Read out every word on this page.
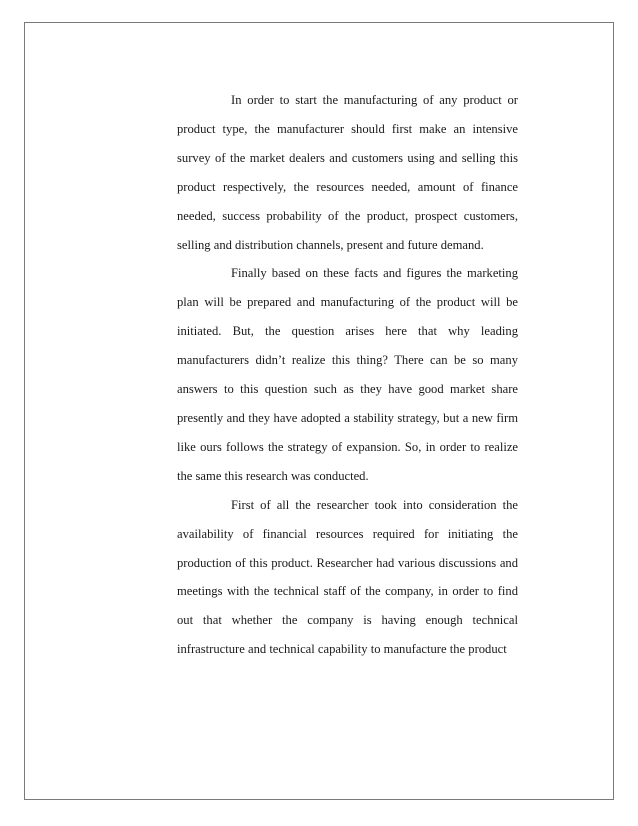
In order to start the manufacturing of any product or product type, the manufacturer should first make an intensive survey of the market dealers and customers using and selling this product respectively, the resources needed, amount of finance needed, success probability of the product, prospect customers, selling and distribution channels, present and future demand.

Finally based on these facts and figures the marketing plan will be prepared and manufacturing of the product will be initiated. But, the question arises here that why leading manufacturers didn’t realize this thing? There can be so many answers to this question such as they have good market share presently and they have adopted a stability strategy, but a new firm like ours follows the strategy of expansion. So, in order to realize the same this research was conducted.

First of all the researcher took into consideration the availability of financial resources required for initiating the production of this product. Researcher had various discussions and meetings with the technical staff of the company, in order to find out that whether the company is having enough technical infrastructure and technical capability to manufacture the product
